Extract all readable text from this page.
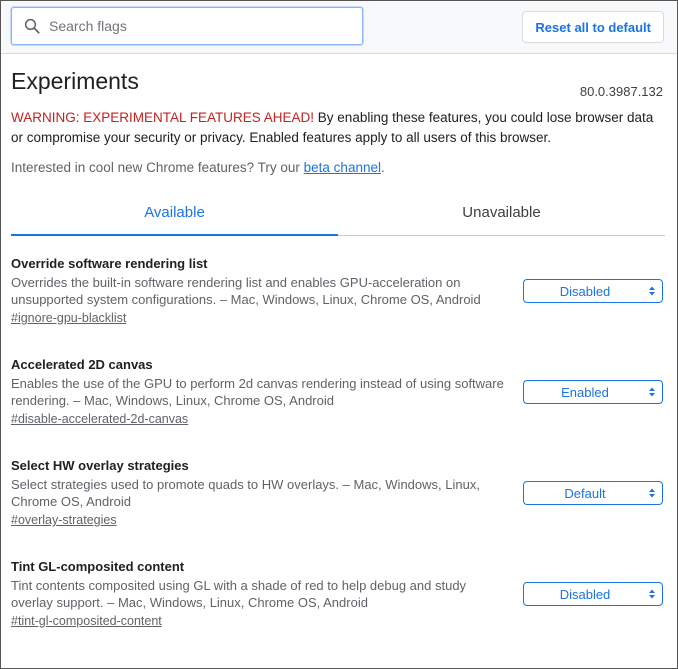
Search flags
Reset all to default
Experiments	80.0.3987.132
WARNING: EXPERIMENTAL FEATURES AHEAD! By enabling these features, you could lose browser data or compromise your security or privacy. Enabled features apply to all users of this browser.
Interested in cool new Chrome features? Try our beta channel.
Available	Unavailable
Override software rendering list
Overrides the built-in software rendering list and enables GPU-acceleration on unsupported system configurations. – Mac, Windows, Linux, Chrome OS, Android
#ignore-gpu-blacklist
Disabled
Accelerated 2D canvas
Enables the use of the GPU to perform 2d canvas rendering instead of using software rendering. – Mac, Windows, Linux, Chrome OS, Android
#disable-accelerated-2d-canvas
Enabled
Select HW overlay strategies
Select strategies used to promote quads to HW overlays. – Mac, Windows, Linux, Chrome OS, Android
#overlay-strategies
Default
Tint GL-composited content
Tint contents composited using GL with a shade of red to help debug and study overlay support. – Mac, Windows, Linux, Chrome OS, Android
#tint-gl-composited-content
Disabled
